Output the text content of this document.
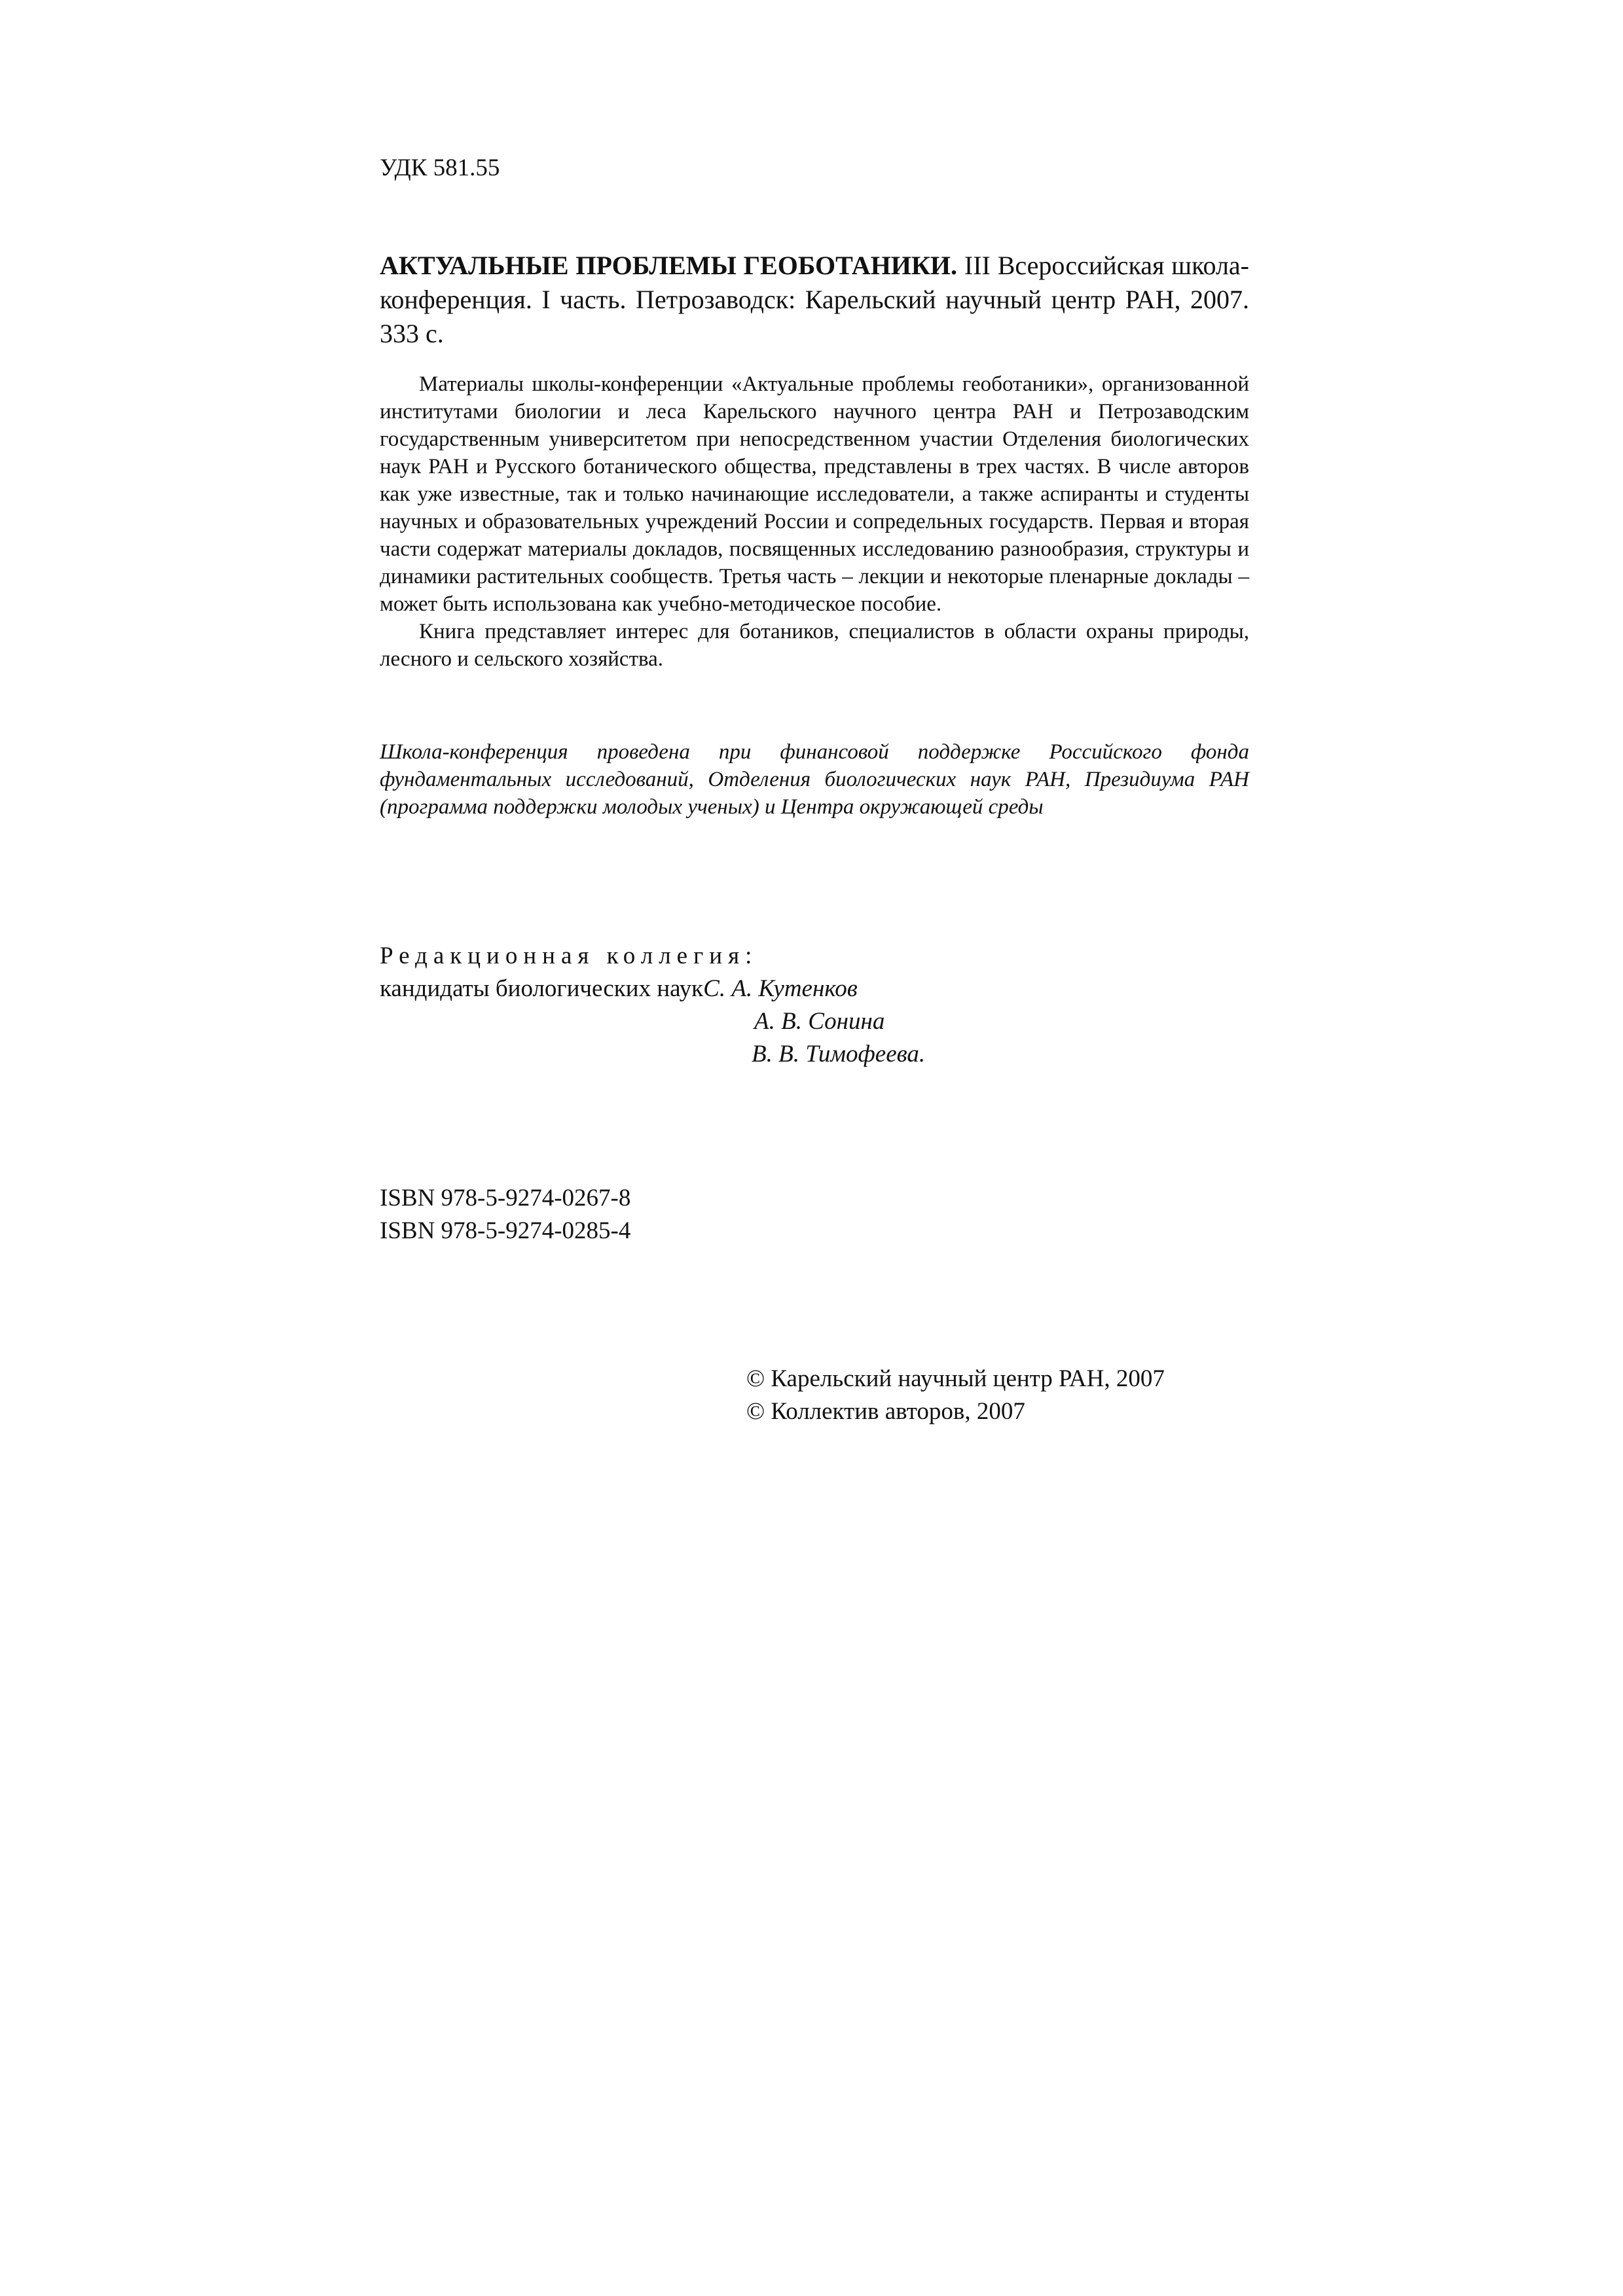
УДК 581.55
АКТУАЛЬНЫЕ ПРОБЛЕМЫ ГЕОБОТАНИКИ. III Всероссийская школа-конференция. I часть. Петрозаводск: Карельский научный центр РАН, 2007. 333 с.

Материалы школы-конференции «Актуальные проблемы геоботаники», организованной институтами биологии и леса Карельского научного центра РАН и Петрозаводским государственным университетом при непосредственном участии Отделения биологических наук РАН и Русского ботанического общества, представлены в трех частях. В числе авторов как уже известные, так и только начинающие исследователи, а также аспиранты и студенты научных и образовательных учреждений России и сопредельных государств. Первая и вторая части содержат материалы докладов, посвященных исследованию разнообразия, структуры и динамики растительных сообществ. Третья часть – лекции и некоторые пленарные доклады – может быть использована как учебно-методическое пособие.

Книга представляет интерес для ботаников, специалистов в области охраны природы, лесного и сельского хозяйства.

Школа-конференция проведена при финансовой поддержке Российского фонда фундаментальных исследований, Отделения биологических наук РАН, Президиума РАН (программа поддержки молодых ученых) и Центра окружающей среды
Редакционная коллегия:
кандидаты биологических наукС. А. Кутенков
А. В. Сонина
В. В. Тимофеева.
ISBN 978-5-9274-0267-8
ISBN 978-5-9274-0285-4
© Карельский научный центр РАН, 2007
© Коллектив авторов, 2007
